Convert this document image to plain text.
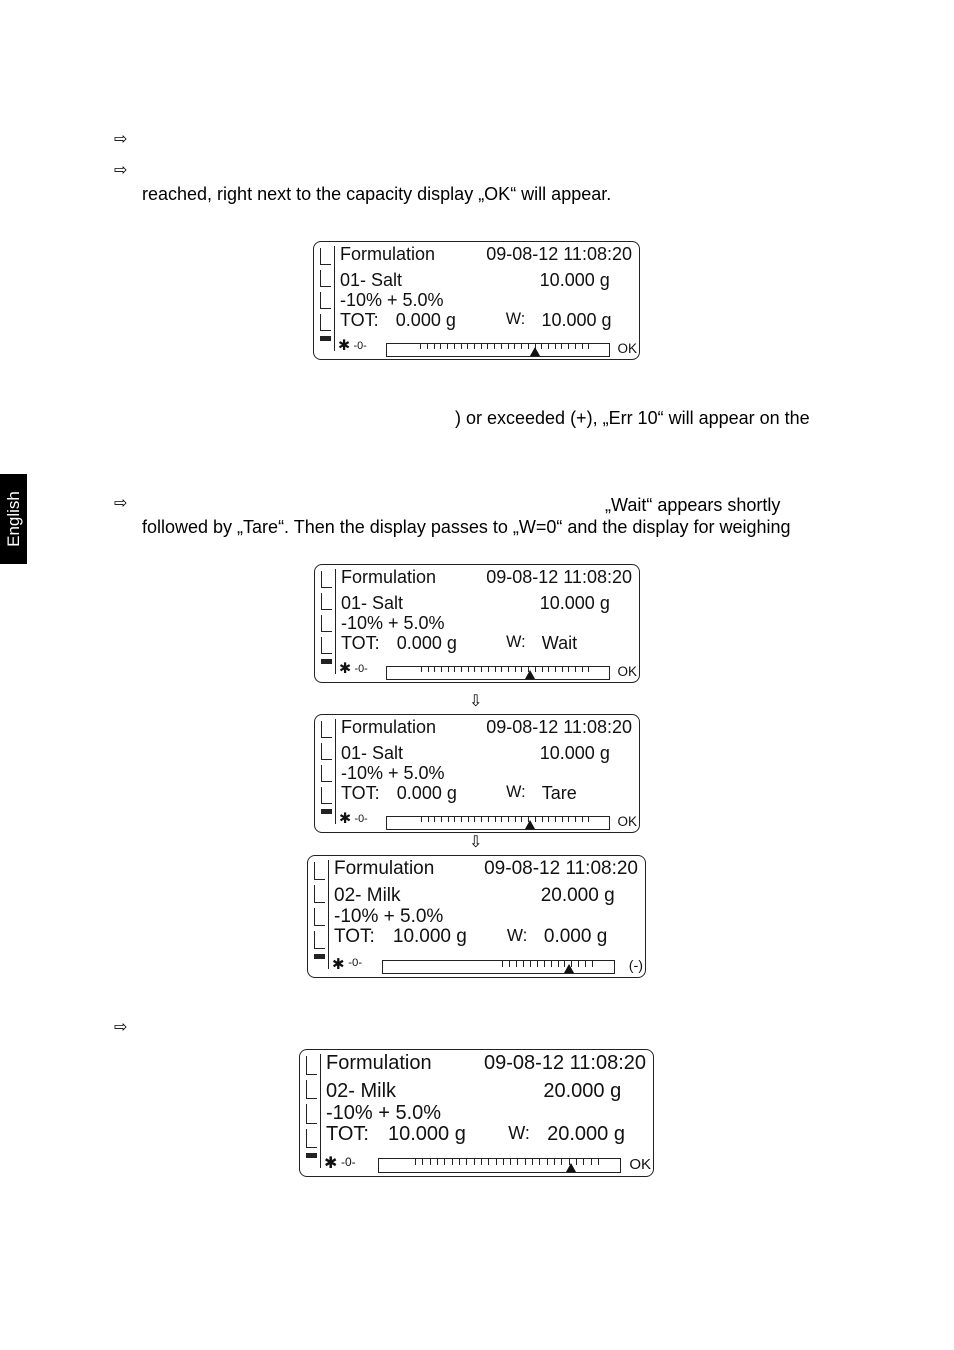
English
⇨
⇨
reached, right next to the capacity display „OK“ will appear.
) or exceeded (+), „Err 10“ will appear on the
⇨	„Wait“ appears shortly
followed by „Tare“. Then the display passes to „W=0“ and the display for weighing
⇨
⇩
⇩
Formulation	09-08-12 11:08:20
01- Salt	10.000 g
-10% + 5.0%
TOT: 0.000 g	W: 10.000 g
✱ -0-	OK
Formulation	09-08-12 11:08:20
01- Salt	10.000 g
-10% + 5.0%
TOT: 0.000 g	W: Wait
✱ -0-	OK
Formulation	09-08-12 11:08:20
01- Salt	10.000 g
-10% + 5.0%
TOT: 0.000 g	W: Tare
✱ -0-	OK
Formulation	09-08-12 11:08:20
02- Milk	20.000 g
-10% + 5.0%
TOT: 10.000 g W: 0.000 g
✱ -0-	(-)
Formulation	09-08-12 11:08:20
02- Milk	20.000 g
-10% + 5.0%
TOT: 10.000 g W: 20.000 g
✱ -0-	OK
